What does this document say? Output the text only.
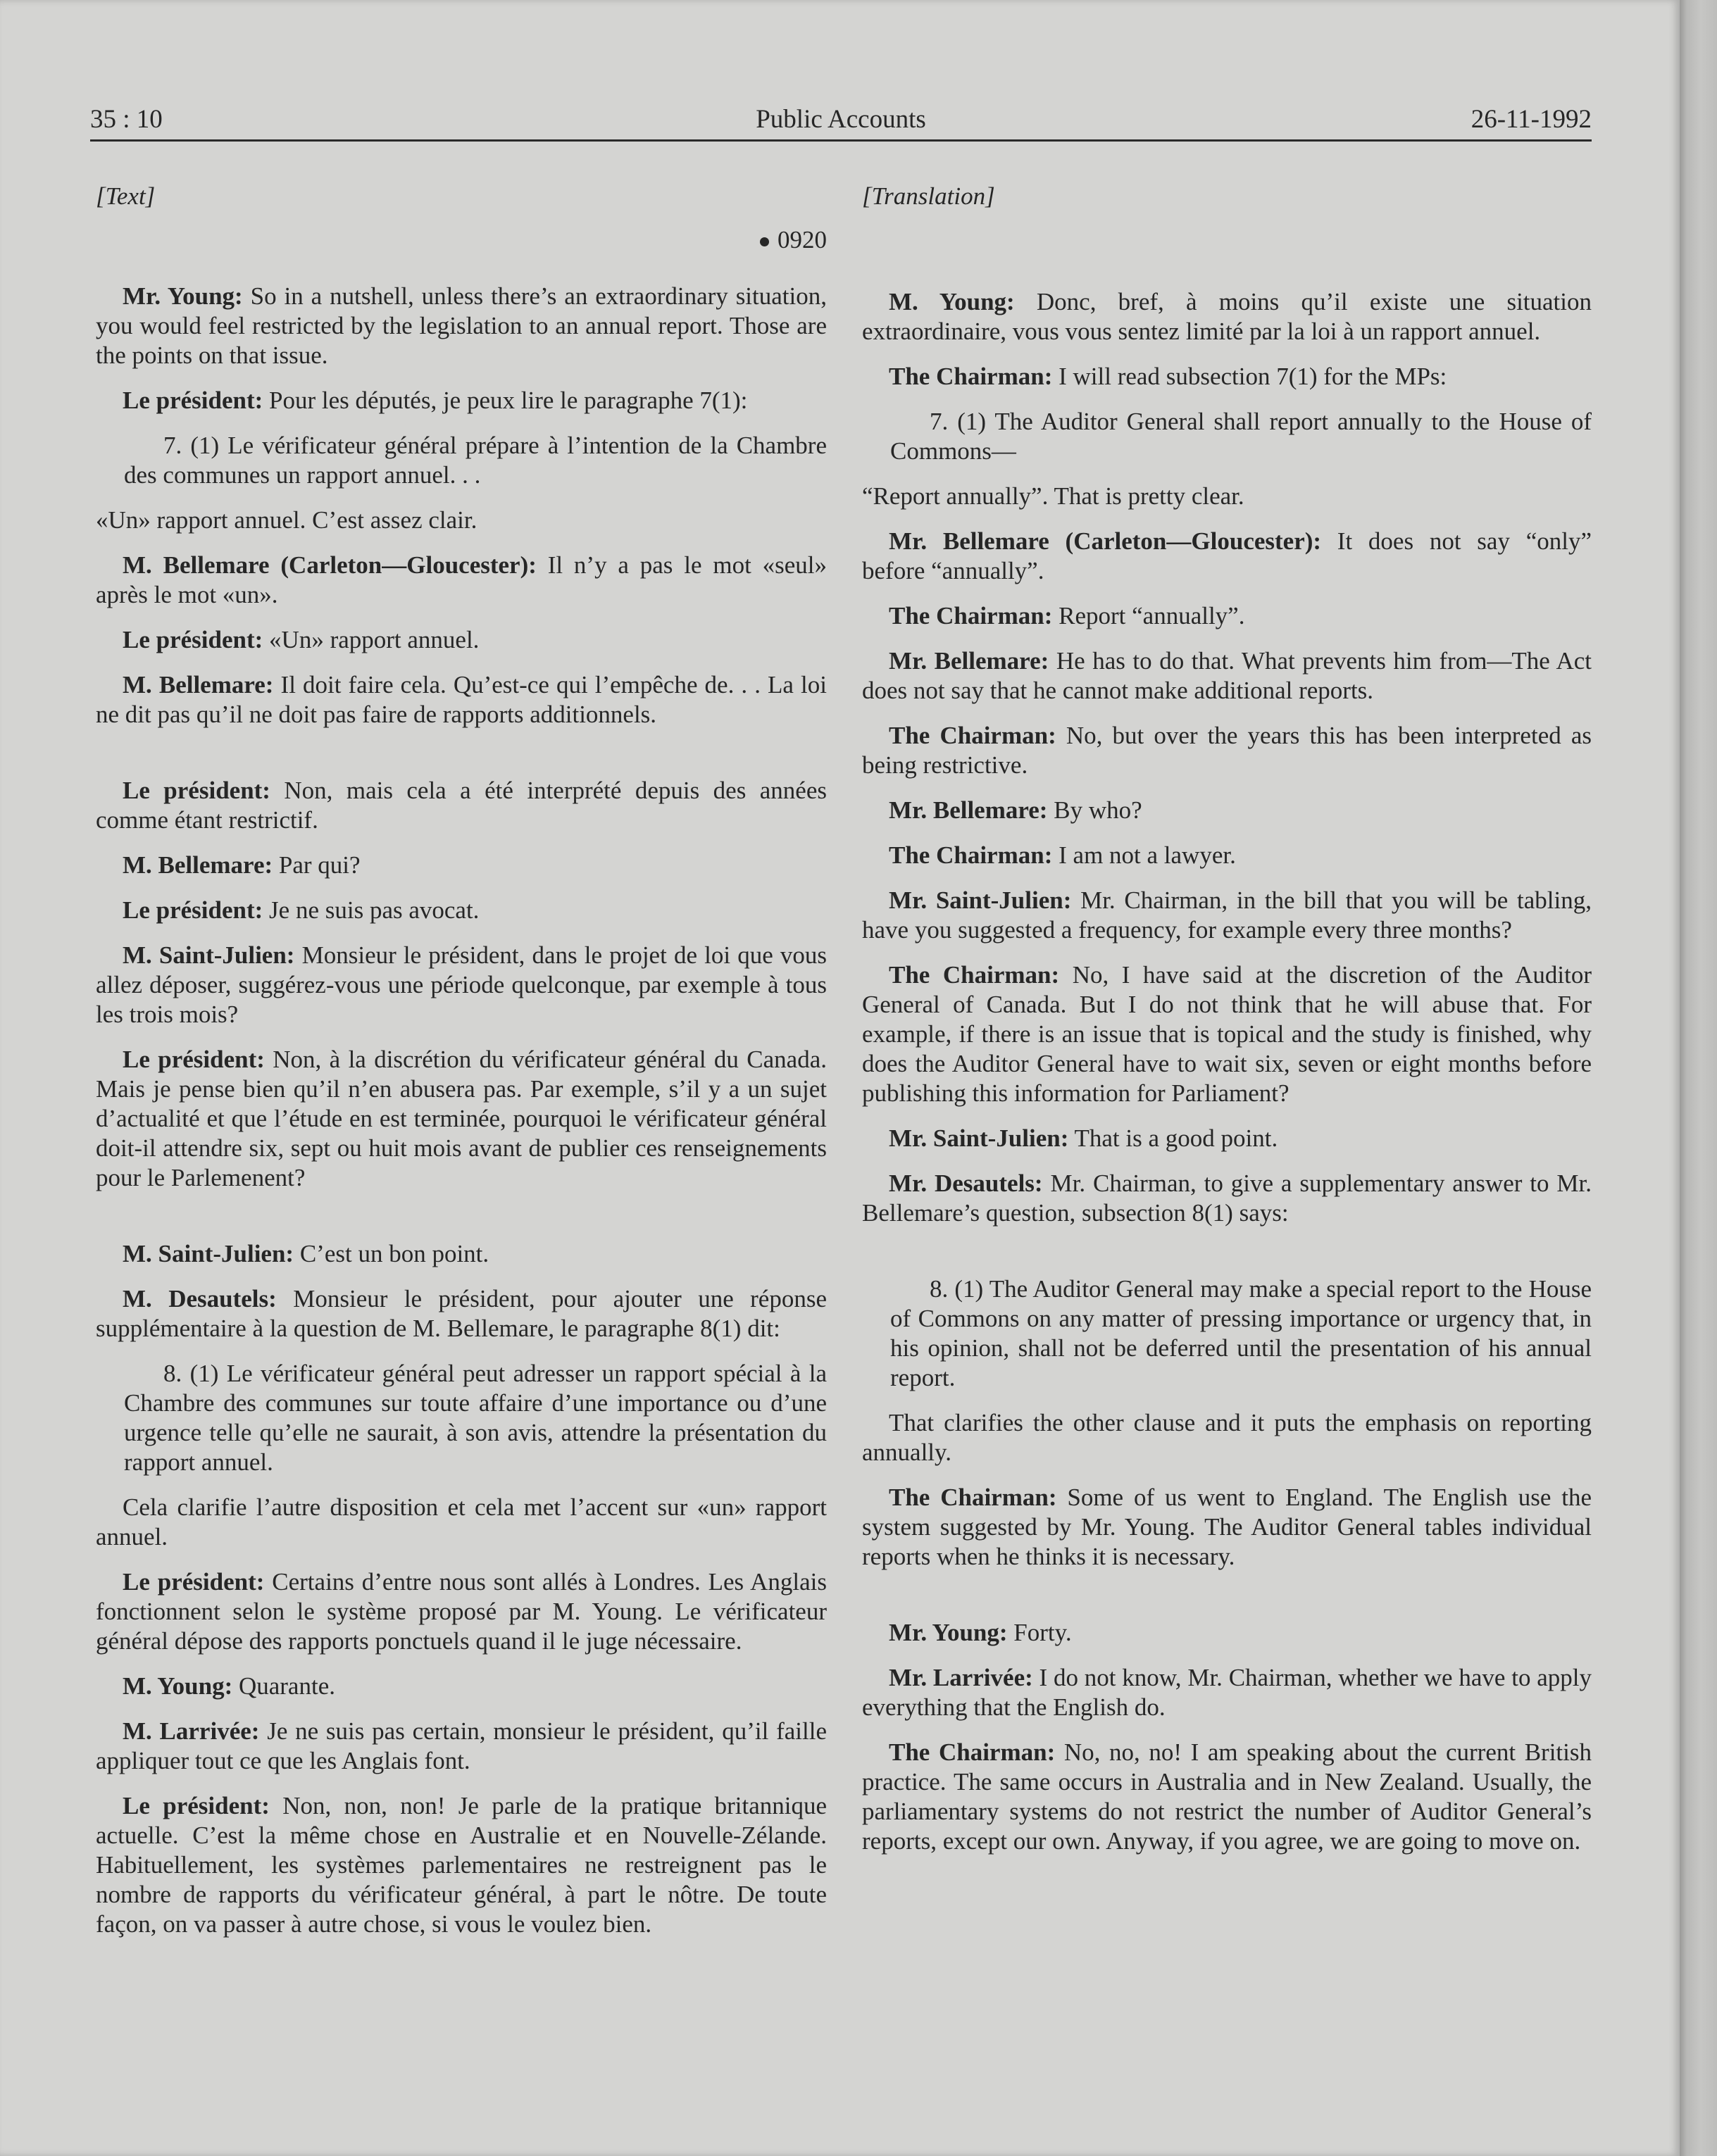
35 : 10	Public Accounts	26-11-1992

[Text]

0920

Mr. Young: So in a nutshell, unless there’s an extraordinary situation, you would feel restricted by the legislation to an annual report. Those are the points on that issue.

Le président: Pour les députés, je peux lire le paragraphe 7(1):

7. (1) Le vérificateur général prépare à l’intention de la Chambre des communes un rapport annuel. . .

«Un» rapport annuel. C’est assez clair.

M. Bellemare (Carleton—Gloucester): Il n’y a pas le mot «seul» après le mot «un».

Le président: «Un» rapport annuel.

M. Bellemare: Il doit faire cela. Qu’est-ce qui l’empêche de. . . La loi ne dit pas qu’il ne doit pas faire de rapports additionnels.

Le président: Non, mais cela a été interprété depuis des années comme étant restrictif.

M. Bellemare: Par qui?

Le président: Je ne suis pas avocat.

M. Saint-Julien: Monsieur le président, dans le projet de loi que vous allez déposer, suggérez-vous une période quelconque, par exemple à tous les trois mois?

Le président: Non, à la discrétion du vérificateur général du Canada. Mais je pense bien qu’il n’en abusera pas. Par exemple, s’il y a un sujet d’actualité et que l’étude en est terminée, pourquoi le vérificateur général doit-il attendre six, sept ou huit mois avant de publier ces renseignements pour le Parlemenent?

M. Saint-Julien: C’est un bon point.

M. Desautels: Monsieur le président, pour ajouter une réponse supplémentaire à la question de M. Bellemare, le paragraphe 8(1) dit:

8. (1) Le vérificateur général peut adresser un rapport spécial à la Chambre des communes sur toute affaire d’une importance ou d’une urgence telle qu’elle ne saurait, à son avis, attendre la présentation du rapport annuel.

Cela clarifie l’autre disposition et cela met l’accent sur «un» rapport annuel.

Le président: Certains d’entre nous sont allés à Londres. Les Anglais fonctionnent selon le système proposé par M. Young. Le vérificateur général dépose des rapports ponctuels quand il le juge nécessaire.

M. Young: Quarante.

M. Larrivée: Je ne suis pas certain, monsieur le président, qu’il faille appliquer tout ce que les Anglais font.

Le président: Non, non, non! Je parle de la pratique britannique actuelle. C’est la même chose en Australie et en Nouvelle-Zélande. Habituellement, les systèmes parlementaires ne restreignent pas le nombre de rapports du vérificateur général, à part le nôtre. De toute façon, on va passer à autre chose, si vous le voulez bien.

[Translation]

M. Young: Donc, bref, à moins qu’il existe une situation extraordinaire, vous vous sentez limité par la loi à un rapport annuel.

The Chairman: I will read subsection 7(1) for the MPs:

7. (1) The Auditor General shall report annually to the House of Commons—

“Report annually”. That is pretty clear.

Mr. Bellemare (Carleton—Gloucester): It does not say “only” before “annually”.

The Chairman: Report “annually”.

Mr. Bellemare: He has to do that. What prevents him from—The Act does not say that he cannot make additional reports.

The Chairman: No, but over the years this has been interpreted as being restrictive.

Mr. Bellemare: By who?

The Chairman: I am not a lawyer.

Mr. Saint-Julien: Mr. Chairman, in the bill that you will be tabling, have you suggested a frequency, for example every three months?

The Chairman: No, I have said at the discretion of the Auditor General of Canada. But I do not think that he will abuse that. For example, if there is an issue that is topical and the study is finished, why does the Auditor General have to wait six, seven or eight months before publishing this information for Parliament?

Mr. Saint-Julien: That is a good point.

Mr. Desautels: Mr. Chairman, to give a supplementary answer to Mr. Bellemare’s question, subsection 8(1) says:

8. (1) The Auditor General may make a special report to the House of Commons on any matter of pressing importance or urgency that, in his opinion, shall not be deferred until the presentation of his annual report.

That clarifies the other clause and it puts the emphasis on reporting annually.

The Chairman: Some of us went to England. The English use the system suggested by Mr. Young. The Auditor General tables individual reports when he thinks it is necessary.

Mr. Young: Forty.

Mr. Larrivée: I do not know, Mr. Chairman, whether we have to apply everything that the English do.

The Chairman: No, no, no! I am speaking about the current British practice. The same occurs in Australia and in New Zealand. Usually, the parliamentary systems do not restrict the number of Auditor General’s reports, except our own. Anyway, if you agree, we are going to move on.
